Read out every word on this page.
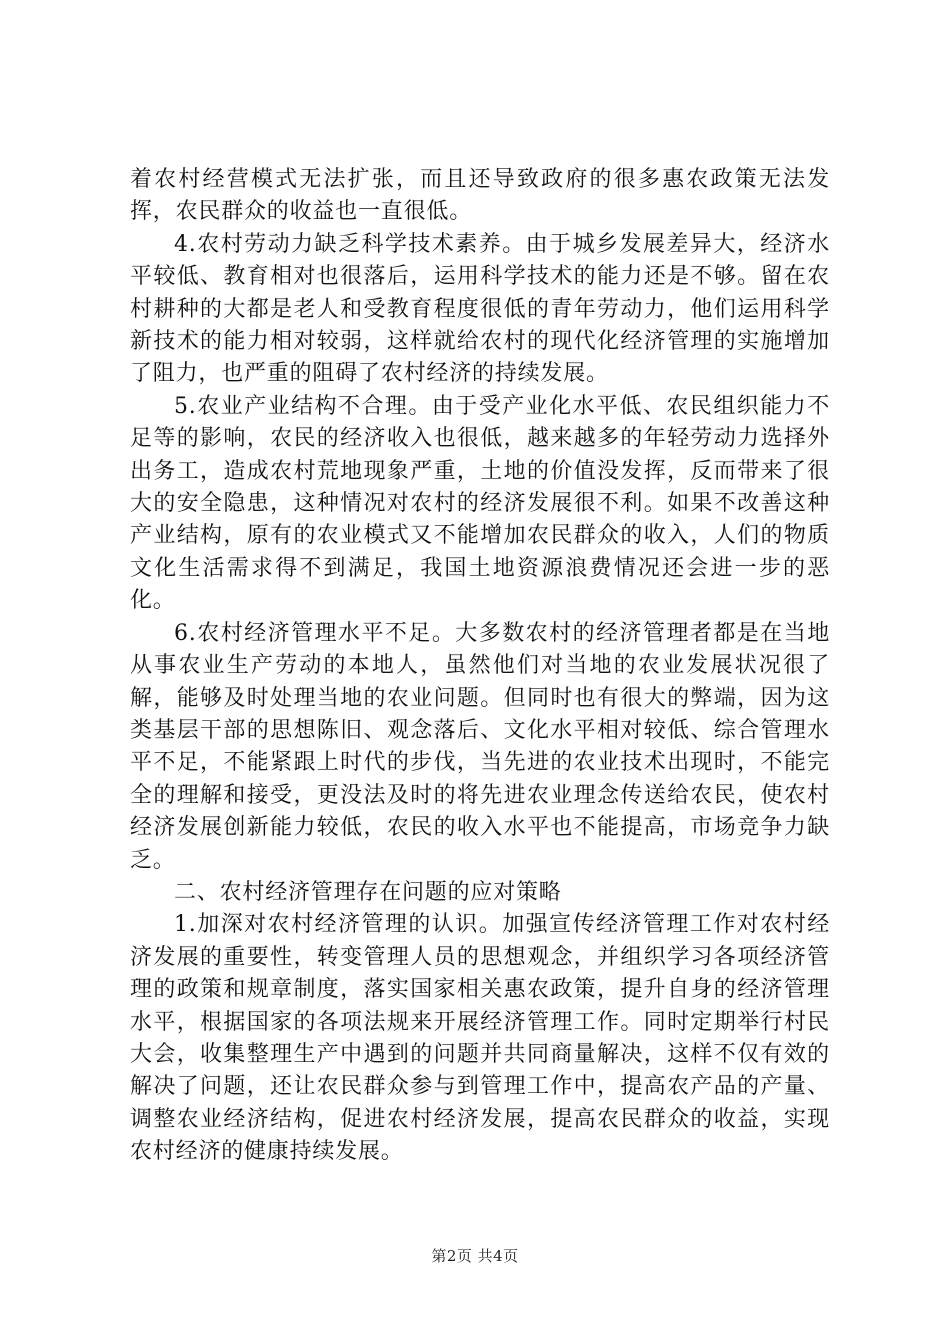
着农村经营模式无法扩张，而且还导致政府的很多惠农政策无法发挥，农民群众的收益也一直很低。

4.农村劳动力缺乏科学技术素养。由于城乡发展差异大，经济水平较低、教育相对也很落后，运用科学技术的能力还是不够。留在农村耕种的大都是老人和受教育程度很低的青年劳动力，他们运用科学新技术的能力相对较弱，这样就给农村的现代化经济管理的实施增加了阻力，也严重的阻碍了农村经济的持续发展。

5.农业产业结构不合理。由于受产业化水平低、农民组织能力不足等的影响，农民的经济收入也很低，越来越多的年轻劳动力选择外出务工，造成农村荒地现象严重，土地的价值没发挥，反而带来了很大的安全隐患，这种情况对农村的经济发展很不利。如果不改善这种产业结构，原有的农业模式又不能增加农民群众的收入，人们的物质文化生活需求得不到满足，我国土地资源浪费情况还会进一步的恶化。

6.农村经济管理水平不足。大多数农村的经济管理者都是在当地从事农业生产劳动的本地人，虽然他们对当地的农业发展状况很了解，能够及时处理当地的农业问题。但同时也有很大的弊端，因为这类基层干部的思想陈旧、观念落后、文化水平相对较低、综合管理水平不足，不能紧跟上时代的步伐，当先进的农业技术出现时，不能完全的理解和接受，更没法及时的将先进农业理念传送给农民，使农村经济发展创新能力较低，农民的收入水平也不能提高，市场竞争力缺乏。

二、农村经济管理存在问题的应对策略

1.加深对农村经济管理的认识。加强宣传经济管理工作对农村经济发展的重要性，转变管理人员的思想观念，并组织学习各项经济管理的政策和规章制度，落实国家相关惠农政策，提升自身的经济管理水平，根据国家的各项法规来开展经济管理工作。同时定期举行村民大会，收集整理生产中遇到的问题并共同商量解决，这样不仅有效的解决了问题，还让农民群众参与到管理工作中，提高农产品的产量、调整农业经济结构，促进农村经济发展，提高农民群众的收益，实现农村经济的健康持续发展。

第2页 共4页
